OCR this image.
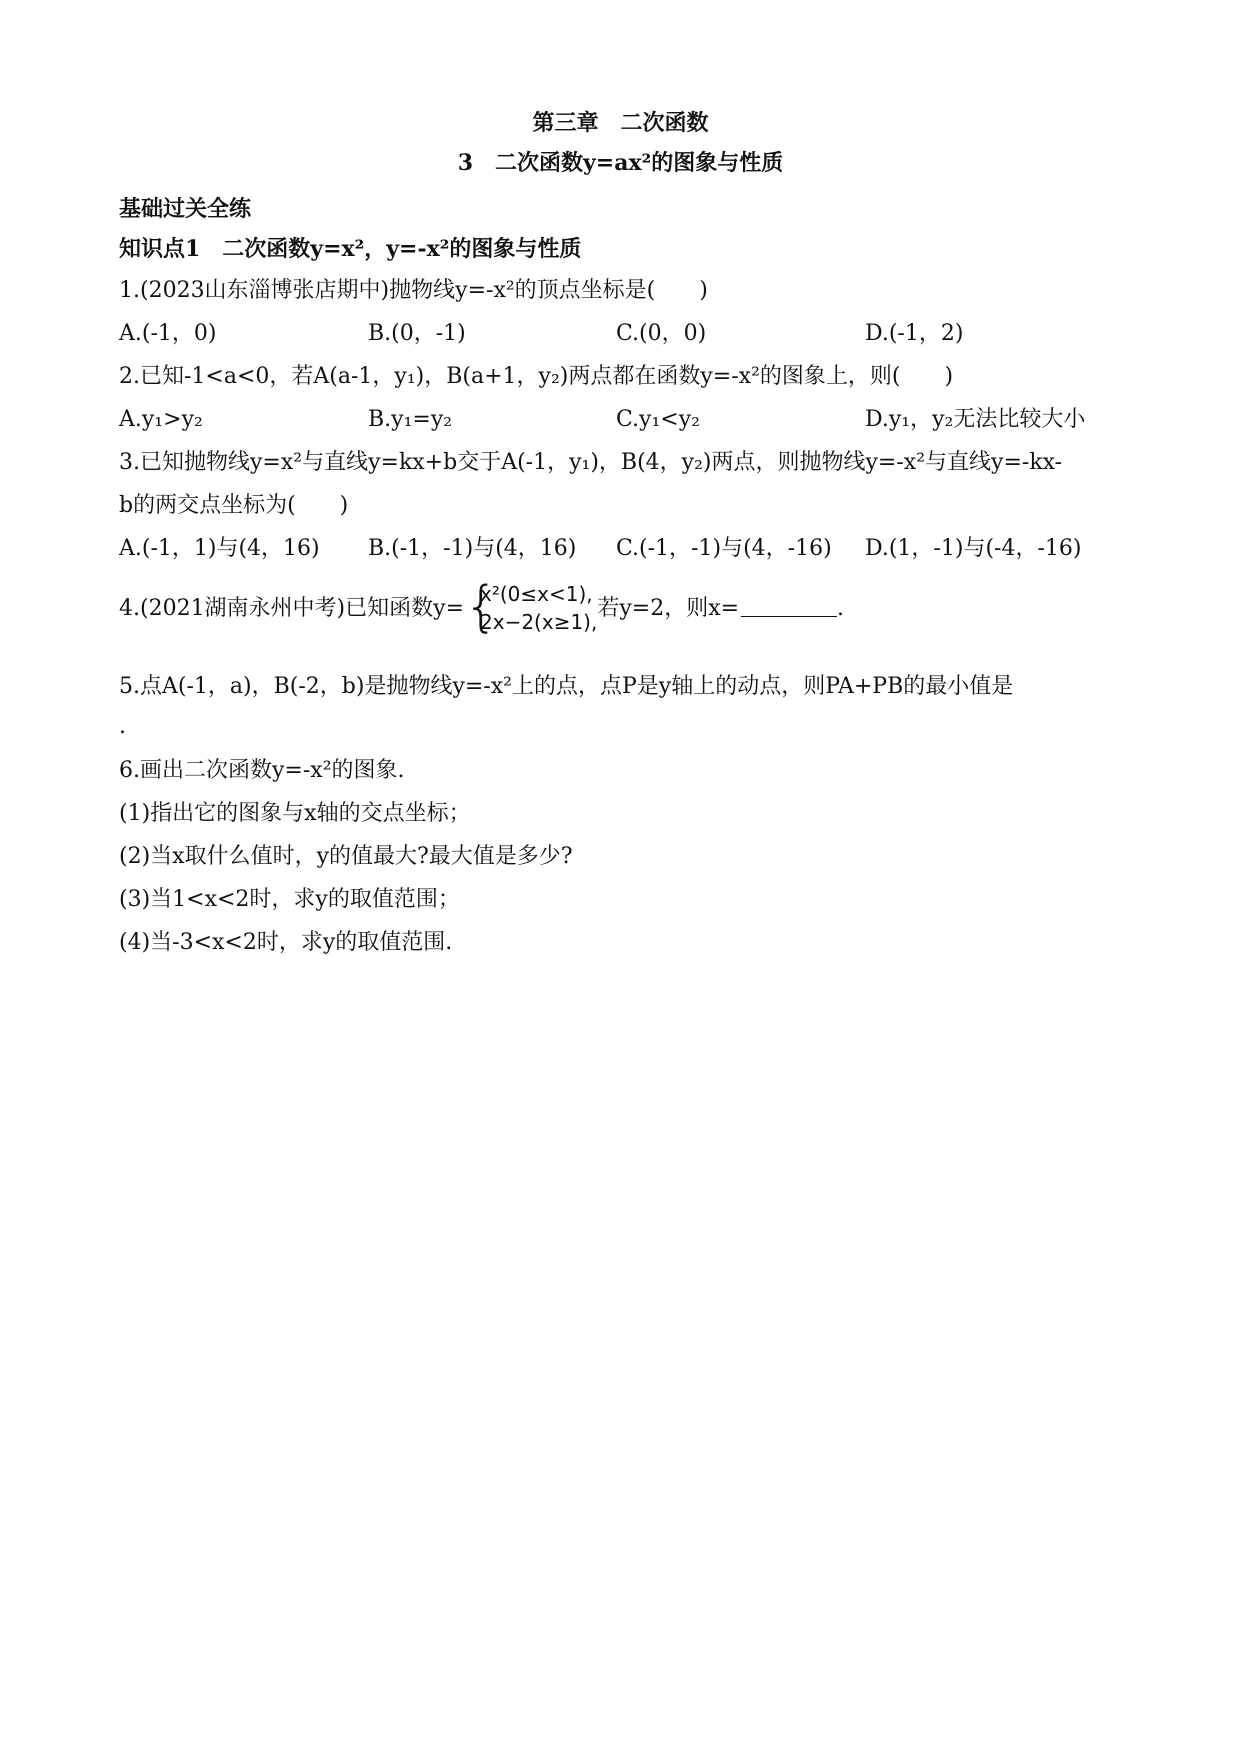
第三章　二次函数
3　二次函数y=ax²的图象与性质
基础过关全练
知识点1　二次函数y=x²，y=-x²的图象与性质
1.(2023山东淄博张店期中)抛物线y=-x²的顶点坐标是(　　)
A.(-1，0)	B.(0，-1)	C.(0，0)	D.(-1，2)
2.已知-1<a<0，若A(a-1，y₁)，B(a+1，y₂)两点都在函数y=-x²的图象上，则(　　)
A.y₁>y₂	B.y₁=y₂	C.y₁<y₂	D.y₁，y₂无法比较大小
3.已知抛物线y=x²与直线y=kx+b交于A(-1，y₁)，B(4，y₂)两点，则抛物线y=-x²与直线y=-kx-
b的两交点坐标为(　　)
A.(-1，1)与(4，16) B.(-1，-1)与(4，16) C.(-1，-1)与(4，-16) D.(1，-1)与(-4，-16)
4.(2021湖南永州中考)已知函数y= {
x²(0≤x<1),
2x−2(x≥1),
若y=2，则x=	.
5.点A(-1，a)，B(-2，b)是抛物线y=-x²上的点，点P是y轴上的动点，则PA+PB的最小值是
.
6.画出二次函数y=-x²的图象.
(1)指出它的图象与x轴的交点坐标；
(2)当x取什么值时，y的值最大?最大值是多少?
(3)当1<x<2时，求y的取值范围；
(4)当-3<x<2时，求y的取值范围.
